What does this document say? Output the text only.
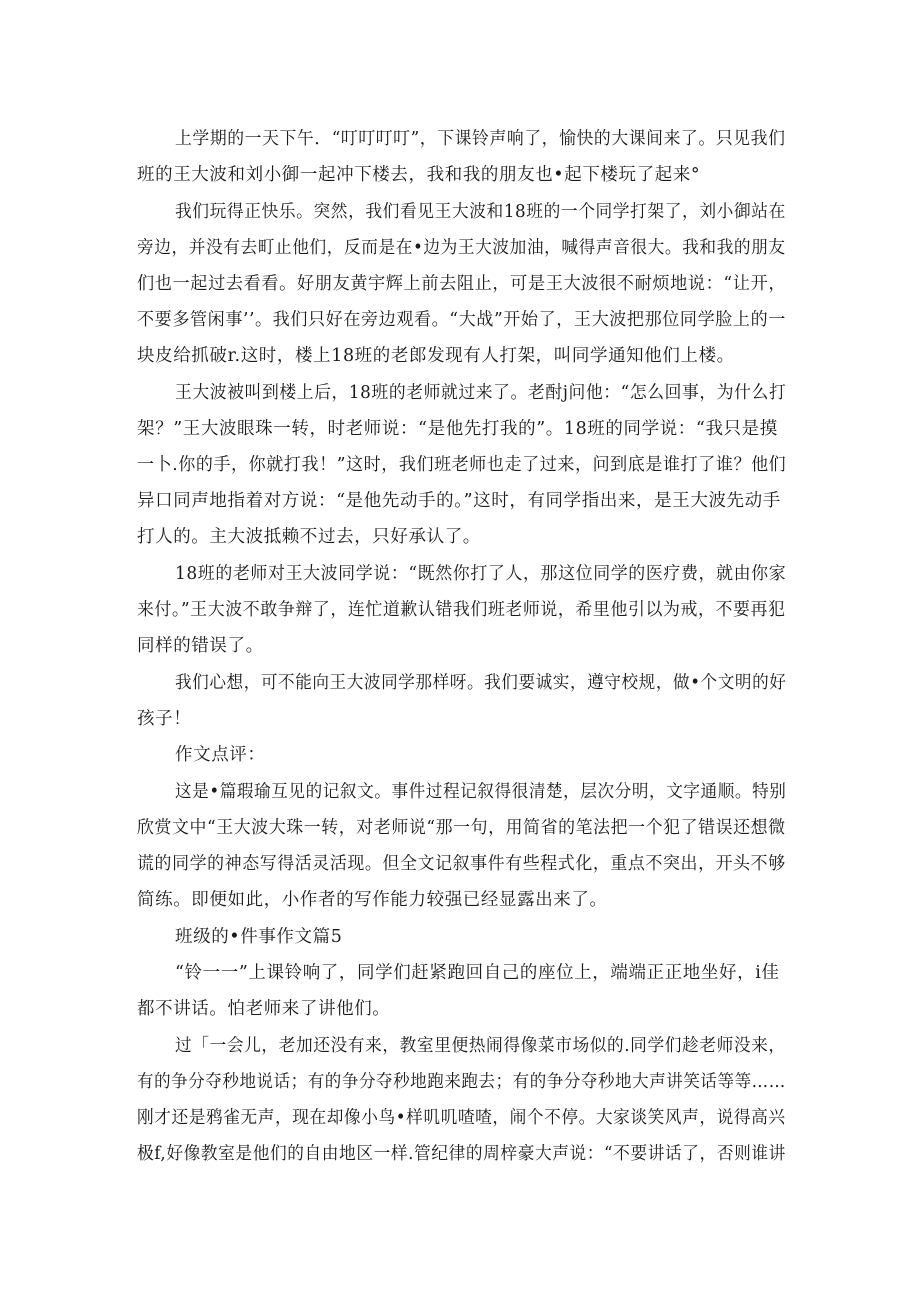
上学期的一天下午．“叮叮叮叮”，下课铃声响了，愉快的大课间来了。只见我们
班的王大波和刘小御一起冲下楼去，我和我的朋友也•起下楼玩了起来°
我们玩得正快乐。突然，我们看见王大波和18班的一个同学打架了，刘小御站在
旁边，并没有去町止他们，反而是在•边为王大波加油，喊得声音很大。我和我的朋友
们也一起过去看看。好朋友黄宇辉上前去阻止，可是王大波很不耐烦地说：“让开，
不要多管闲事’’。我们只好在旁边观看。“大战”开始了，王大波把那位同学脸上的一
块皮给抓破r.这时，楼上18班的老郎发现有人打架，叫同学通知他们上楼。
王大波被叫到楼上后，18班的老师就过来了。老酎j问他：“怎么回事，为什么打
架？”王大波眼珠一转，时老师说：“是他先打我的”。18班的同学说：“我只是摸
一卜.你的手，你就打我！”这时，我们班老师也走了过来，问到底是谁打了谁？他们
异口同声地指着对方说：“是他先动手的。”这时，有同学指出来，是王大波先动手
打人的。主大波抵赖不过去，只好承认了。
18班的老师对王大波同学说：“既然你打了人，那这位同学的医疗费，就由你家
来付。”王大波不敢争辩了，连忙道歉认错我们班老师说，希里他引以为戒，不要再犯
同样的错误了。
我们心想，可不能向王大波同学那样呀。我们要诚实，遵守校规，做•个文明的好
孩子！
作文点评：
这是•篇瑕瑜互见的记叙文。事件过程记叙得很清楚，层次分明，文字通顺。特别
欣赏文中“王大波大珠一转，对老师说“那一句，用简省的笔法把一个犯了错误还想微
谎的同学的神态写得活灵活现。但全文记叙事件有些程式化，重点不突出，开头不够
简练。即便如此，小作者的写作能力较强已经显露出来了。
班级的•件事作文篇5
“铃一一”上课铃响了，同学们赶紧跑回自己的座位上，端端正正地坐好，i佳
都不讲话。怕老师来了讲他们。
过「一会儿，老加还没有来，教室里便热闹得像菜市场似的.同学们趁老师没来，
有的争分夺秒地说话；有的争分夺秒地跑来跑去；有的争分夺秒地大声讲笑话等等……
刚才还是鸦雀无声，现在却像小鸟•样叽叽喳喳，闹个不停。大家谈笑风声，说得高兴
极f,好像教室是他们的自由地区一样.管纪律的周梓豪大声说：“不要讲话了，否则谁讲
